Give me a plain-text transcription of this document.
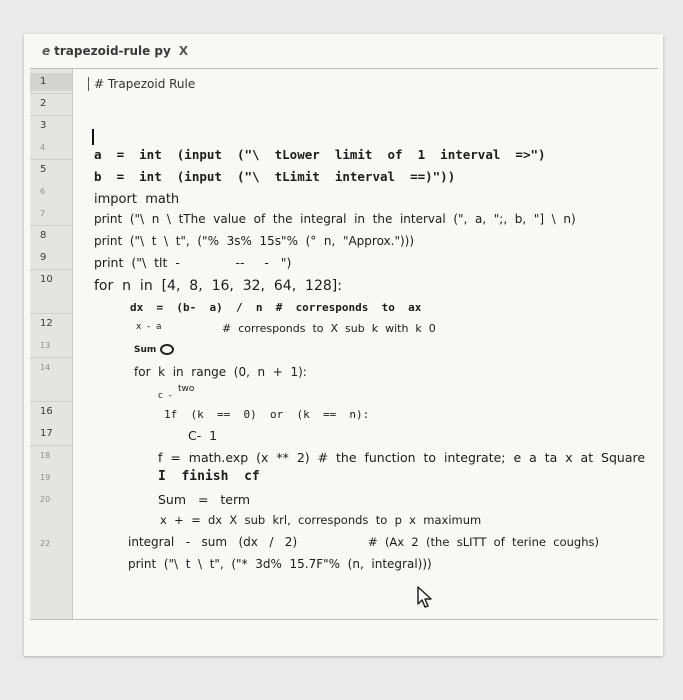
e trapezoid-rule py X
1
2
3
4
5
6
7
8
9
10
12
13
14
16
17
18
19
20
22
# Trapezoid Rule
a  =  int  (input  ("\  tLower  limit  of  1  interval  =>")
b  =  int  (input  ("\  tLimit  interval  ==)"))
import  math
print  ("\  n  \  tThe  value  of  the  integral  in  the  interval  (",  a,  ";,  b,  "]  \  n)
print  ("\  t  \  t",  ("%  3s%  15s"%  (°  n,  "Approx.")))
print  ("\  tlt  -              --     -   ")
for  n  in  [4,  8,  16,  32,  64,  128]:
dx  =  (b-  a)  /  n  #  corresponds  to  ax
x  -  a	#  corresponds  to  X  sub  k  with  k  0
Sum
for  k  in  range  (0,  n  +  1):
two
c  -
1f  (k  ==  0)  or  (k  ==  n):
C-  1
f  =  math.exp  (x  **  2)  #  the  function  to  integrate;  e  a  ta  x  at  Square
I  finish  cf
Sum   =   term
x  +  =  dx  X  sub  krl,  corresponds  to  p  x  maximum
integral   -   sum   (dx   /   2)	#  (Ax  2  (the  sLITT  of  terine  coughs)
print  ("\  t  \  t",  ("*  3d%  15.7F"%  (n,  integral)))
